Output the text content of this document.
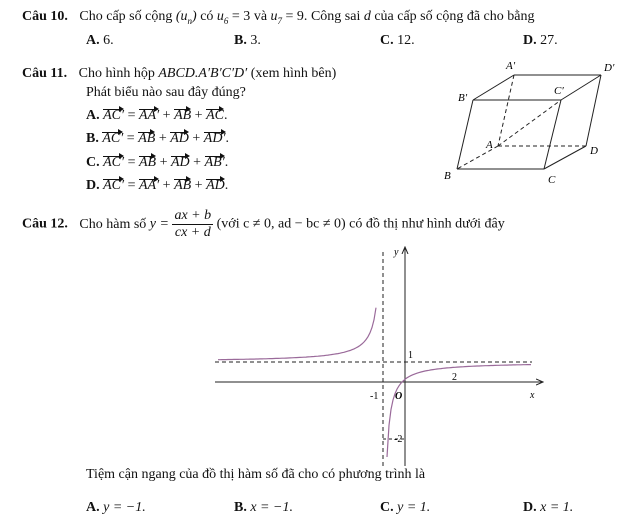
Câu 10. Cho cấp số cộng $(u_n)$ có $u_6 = 3$ và $u_7 = 9$. Công sai d của cấp số cộng đã cho bằng
A. 6.	B. 3.	C. 12.	D. 27.
Câu 11. Cho hình hộp ABCD.A′B′C′D′ (xem hình bên)
Phát biểu nào sau đây đúng?
A. AC′ = AA′ + AB + AC.
B. AC′ = AB + AD + AD′.
C. AC′ = AB + AD + AB′.
D. AC′ = AA′ + AB + AD.
A′	D′
B′
C′
A	D
B	C
Câu 12. Cho hàm số $y = \frac{ax + b}{cx + d}$ (với c ≠ 0, ad − bc ≠ 0) có đồ thị như hình dưới đây
y
x
O
-1
2
1
-2
Tiệm cận ngang của đồ thị hàm số đã cho có phương trình là
A. y = −1.	B. x = −1.	C. y = 1.	D. x = 1.
